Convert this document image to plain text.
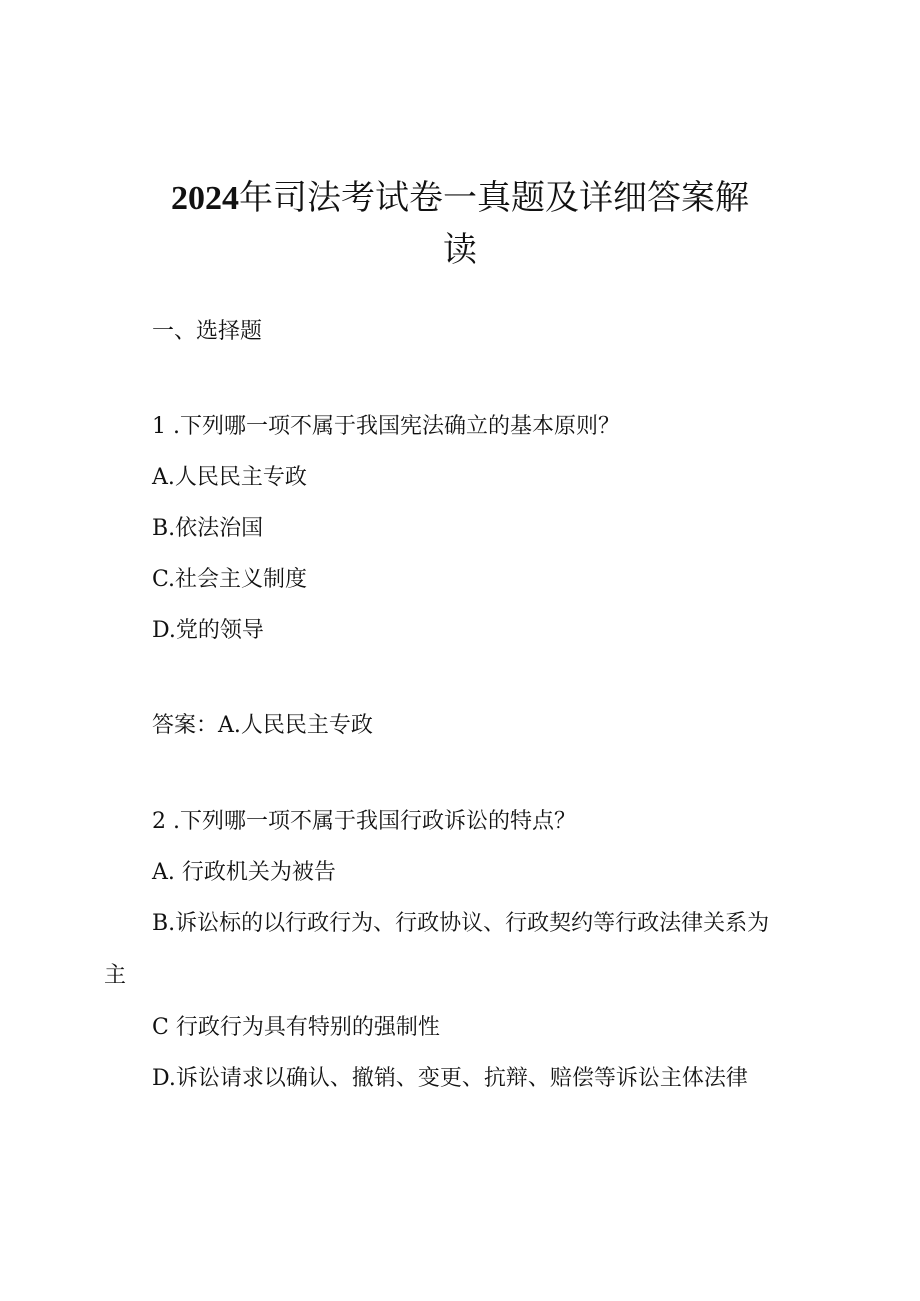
2024年司法考试卷一真题及详细答案解
读
一、选择题
1 .下列哪一项不属于我国宪法确立的基本原则？
A.人民民主专政
B.依法治国
C.社会主义制度
D.党的领导
答案：A.人民民主专政
2 .下列哪一项不属于我国行政诉讼的特点？
A. 行政机关为被告
B.诉讼标的以行政行为、行政协议、行政契约等行政法律关系为
主
C 行政行为具有特别的强制性
D.诉讼请求以确认、撤销、变更、抗辩、赔偿等诉讼主体法律
